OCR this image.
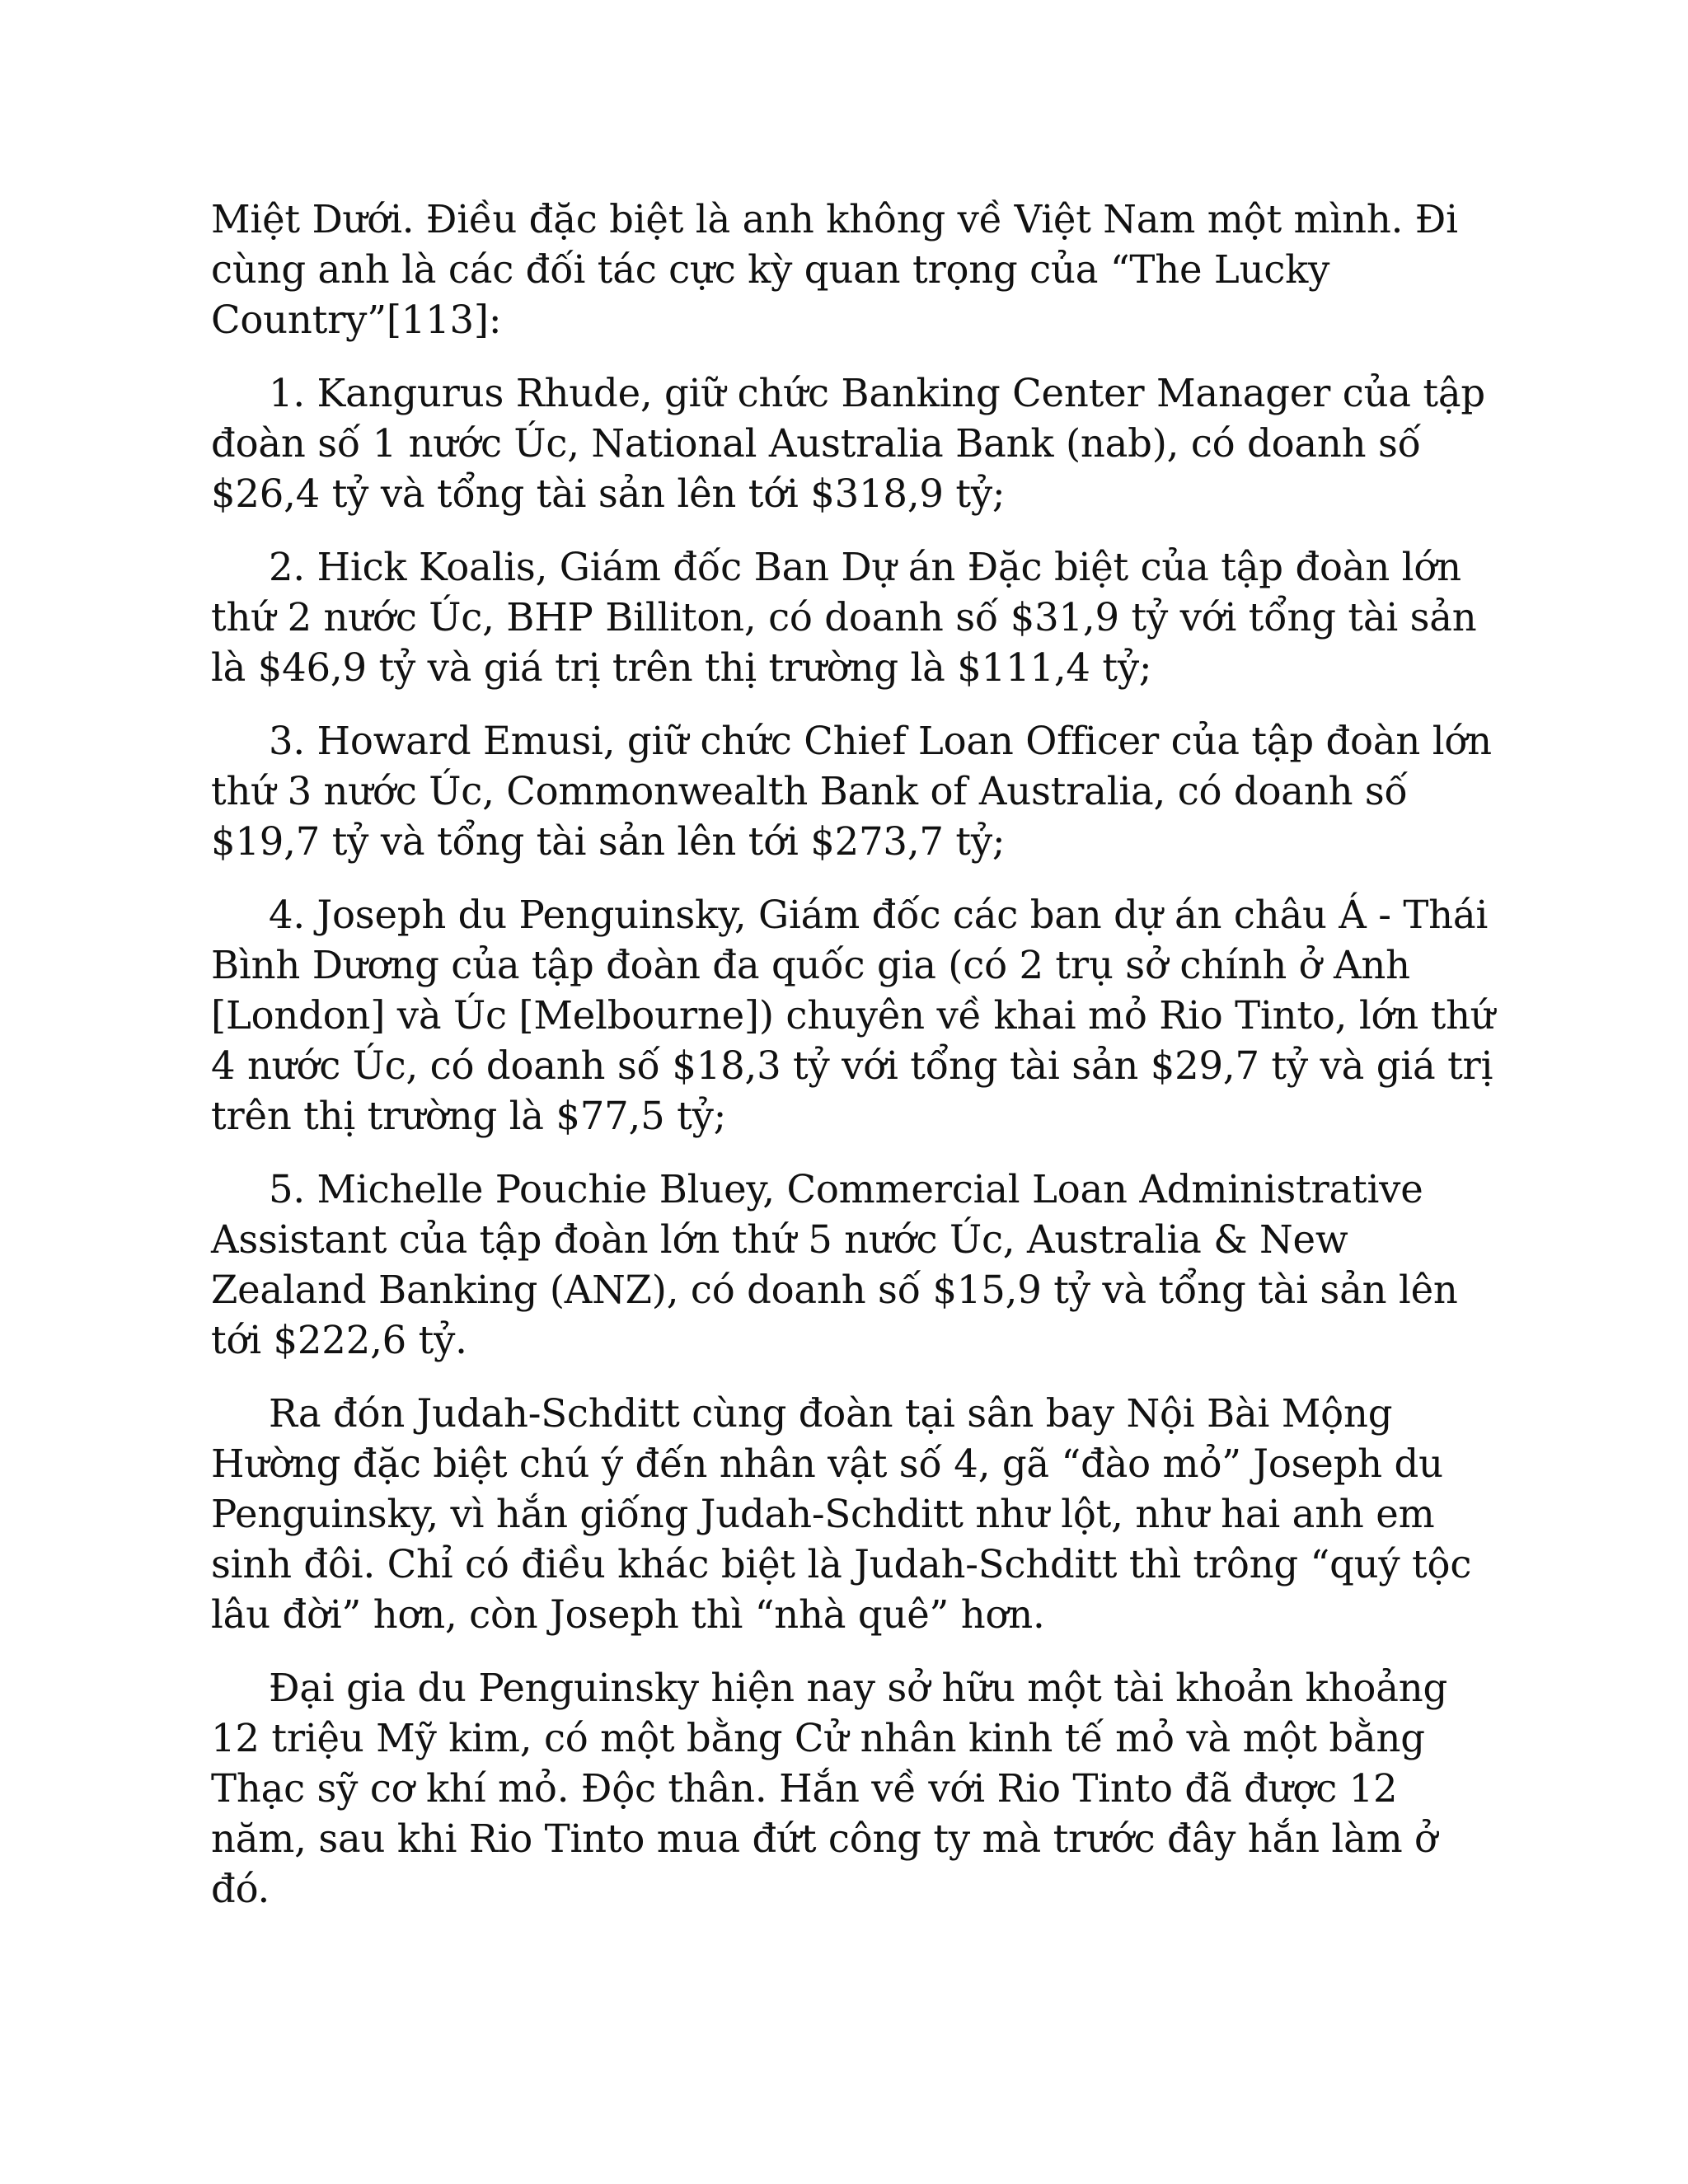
Miệt Dưới. Điều đặc biệt là anh không về Việt Nam một mình. Đi cùng anh là các đối tác cực kỳ quan trọng của “The Lucky Country”[113]:

1. Kangurus Rhude, giữ chức Banking Center Manager của tập đoàn số 1 nước Úc, National Australia Bank (nab), có doanh số $26,4 tỷ và tổng tài sản lên tới $318,9 tỷ;

2. Hick Koalis, Giám đốc Ban Dự án Đặc biệt của tập đoàn lớn thứ 2 nước Úc, BHP Billiton, có doanh số $31,9 tỷ với tổng tài sản là $46,9 tỷ và giá trị trên thị trường là $111,4 tỷ;

3. Howard Emusi, giữ chức Chief Loan Officer của tập đoàn lớn thứ 3 nước Úc, Commonwealth Bank of Australia, có doanh số $19,7 tỷ và tổng tài sản lên tới $273,7 tỷ;

4. Joseph du Penguinsky, Giám đốc các ban dự án châu Á - Thái Bình Dương của tập đoàn đa quốc gia (có 2 trụ sở chính ở Anh [London] và Úc [Melbourne]) chuyên về khai mỏ Rio Tinto, lớn thứ 4 nước Úc, có doanh số $18,3 tỷ với tổng tài sản $29,7 tỷ và giá trị trên thị trường là $77,5 tỷ;

5. Michelle Pouchie Bluey, Commercial Loan Administrative Assistant của tập đoàn lớn thứ 5 nước Úc, Australia & New Zealand Banking (ANZ), có doanh số $15,9 tỷ và tổng tài sản lên tới $222,6 tỷ.

Ra đón Judah-Schditt cùng đoàn tại sân bay Nội Bài Mộng Hường đặc biệt chú ý đến nhân vật số 4, gã “đào mỏ” Joseph du Penguinsky, vì hắn giống Judah-Schditt như lột, như hai anh em sinh đôi. Chỉ có điều khác biệt là Judah-Schditt thì trông “quý tộc lâu đời” hơn, còn Joseph thì “nhà quê” hơn.

Đại gia du Penguinsky hiện nay sở hữu một tài khoản khoảng 12 triệu Mỹ kim, có một bằng Cử nhân kinh tế mỏ và một bằng Thạc sỹ cơ khí mỏ. Độc thân. Hắn về với Rio Tinto đã được 12 năm, sau khi Rio Tinto mua đứt công ty mà trước đây hắn làm ở đó.
